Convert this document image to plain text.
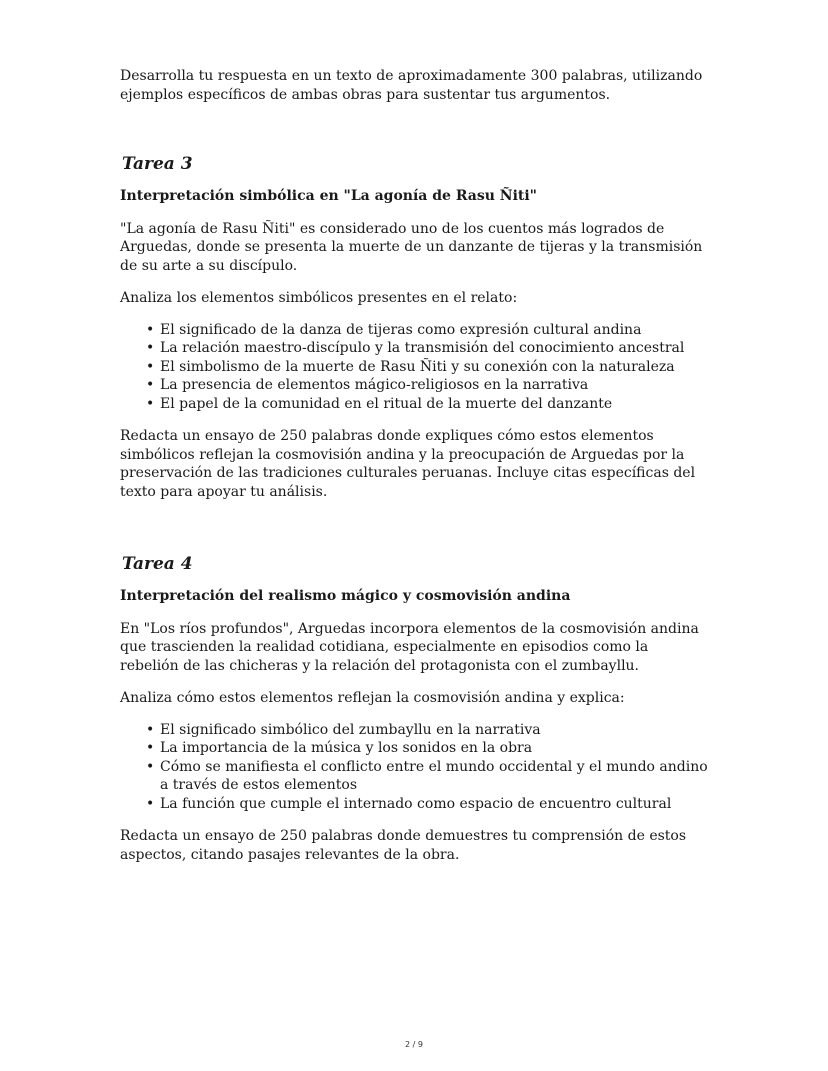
Desarrolla tu respuesta en un texto de aproximadamente 300 palabras, utilizando ejemplos específicos de ambas obras para sustentar tus argumentos.

Tarea 3

Interpretación simbólica en "La agonía de Rasu Ñiti"

"La agonía de Rasu Ñiti" es considerado uno de los cuentos más logrados de Arguedas, donde se presenta la muerte de un danzante de tijeras y la transmisión de su arte a su discípulo.

Analiza los elementos simbólicos presentes en el relato:

• El significado de la danza de tijeras como expresión cultural andina
• La relación maestro-discípulo y la transmisión del conocimiento ancestral
• El simbolismo de la muerte de Rasu Ñiti y su conexión con la naturaleza
• La presencia de elementos mágico-religiosos en la narrativa
• El papel de la comunidad en el ritual de la muerte del danzante

Redacta un ensayo de 250 palabras donde expliques cómo estos elementos simbólicos reflejan la cosmovisión andina y la preocupación de Arguedas por la preservación de las tradiciones culturales peruanas. Incluye citas específicas del texto para apoyar tu análisis.

Tarea 4

Interpretación del realismo mágico y cosmovisión andina

En "Los ríos profundos", Arguedas incorpora elementos de la cosmovisión andina que trascienden la realidad cotidiana, especialmente en episodios como la rebelión de las chicheras y la relación del protagonista con el zumbayllu.

Analiza cómo estos elementos reflejan la cosmovisión andina y explica:

• El significado simbólico del zumbayllu en la narrativa
• La importancia de la música y los sonidos en la obra
• Cómo se manifiesta el conflicto entre el mundo occidental y el mundo andino a través de estos elementos
• La función que cumple el internado como espacio de encuentro cultural

Redacta un ensayo de 250 palabras donde demuestres tu comprensión de estos aspectos, citando pasajes relevantes de la obra.

2 / 9
